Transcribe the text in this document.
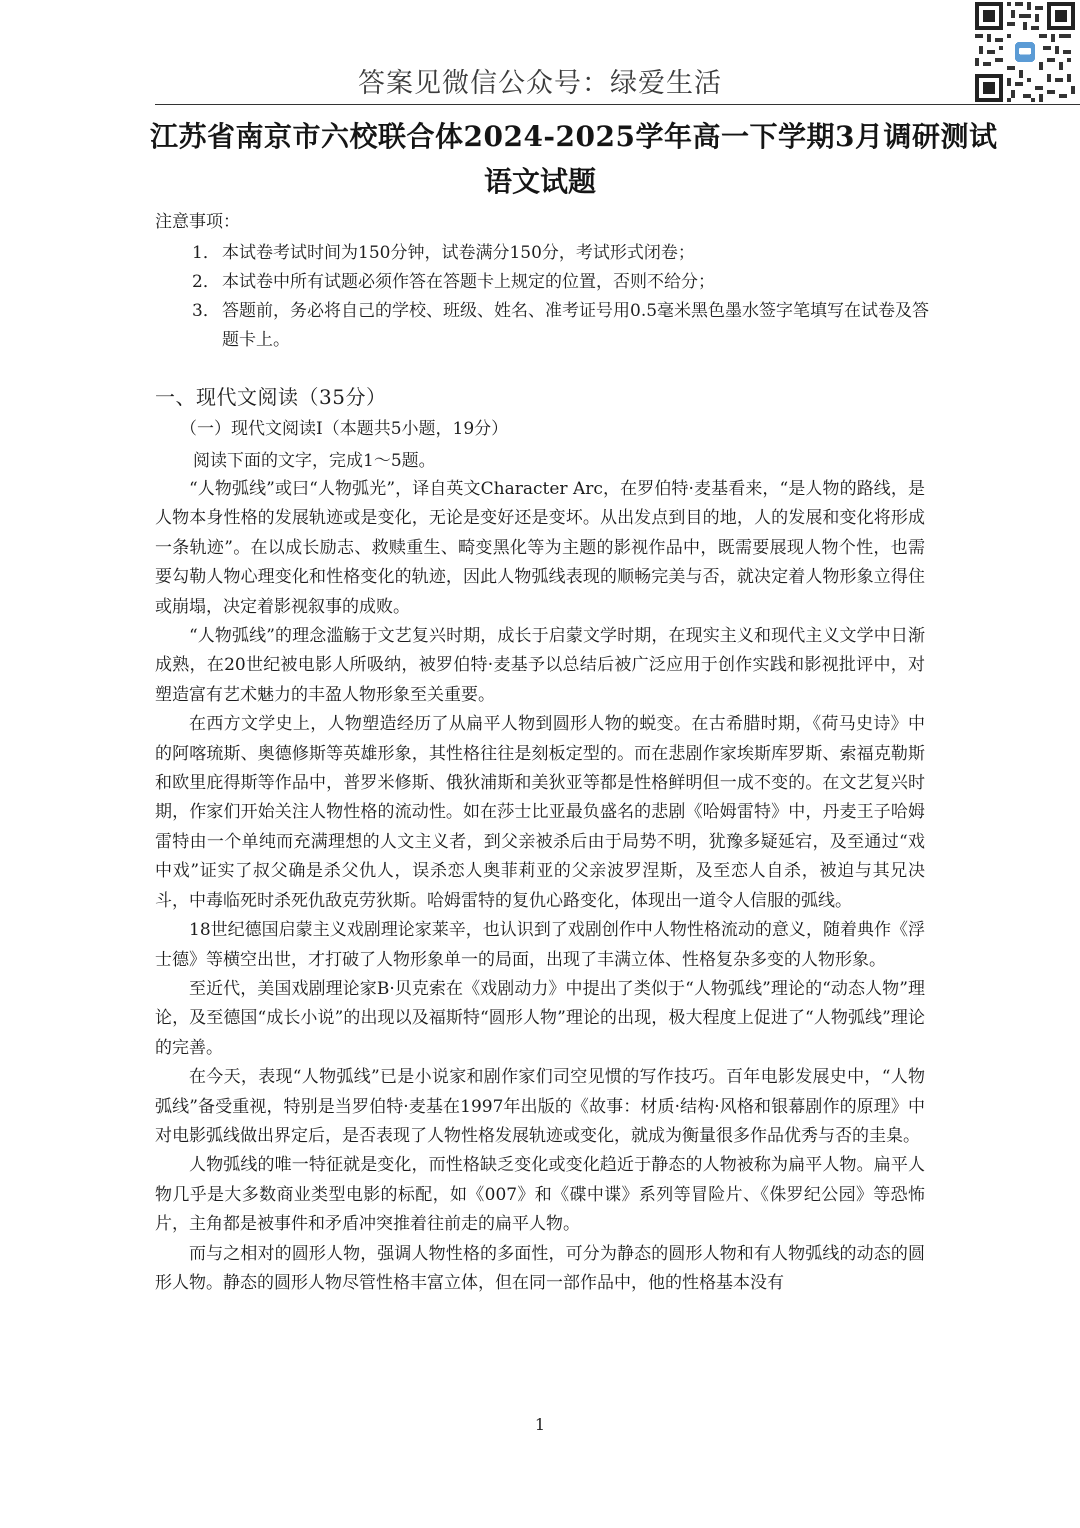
答案见微信公众号：绿爱生活
江苏省南京市六校联合体2024-2025学年高一下学期3月调研测试
语文试题
注意事项：
1． 本试卷考试时间为150分钟，试卷满分150分，考试形式闭卷；
2． 本试卷中所有试题必须作答在答题卡上规定的位置，否则不给分；
3． 答题前，务必将自己的学校、班级、姓名、准考证号用0.5毫米黑色墨水签字笔填写在试卷及答题卡上。
一、现代文阅读（35分）
（一）现代文阅读Ⅰ（本题共5小题，19分）
阅读下面的文字，完成1～5题。

“人物弧线”或曰“人物弧光”，译自英文Character Arc，在罗伯特·麦基看来，“是人物的路线，是人物本身性格的发展轨迹或是变化，无论是变好还是变坏。从出发点到目的地，人的发展和变化将形成一条轨迹”。在以成长励志、救赎重生、畸变黑化等为主题的影视作品中，既需要展现人物个性，也需要勾勒人物心理变化和性格变化的轨迹，因此人物弧线表现的顺畅完美与否，就决定着人物形象立得住或崩塌，决定着影视叙事的成败。

“人物弧线”的理念滥觞于文艺复兴时期，成长于启蒙文学时期，在现实主义和现代主义文学中日渐成熟，在20世纪被电影人所吸纳，被罗伯特·麦基予以总结后被广泛应用于创作实践和影视批评中，对塑造富有艺术魅力的丰盈人物形象至关重要。

在西方文学史上，人物塑造经历了从扁平人物到圆形人物的蜕变。在古希腊时期，《荷马史诗》中的阿喀琉斯、奥德修斯等英雄形象，其性格往往是刻板定型的。而在悲剧作家埃斯库罗斯、索福克勒斯和欧里庇得斯等作品中，普罗米修斯、俄狄浦斯和美狄亚等都是性格鲜明但一成不变的。在文艺复兴时期，作家们开始关注人物性格的流动性。如在莎士比亚最负盛名的悲剧《哈姆雷特》中，丹麦王子哈姆雷特由一个单纯而充满理想的人文主义者，到父亲被杀后由于局势不明，犹豫多疑延宕，及至通过“戏中戏”证实了叔父确是杀父仇人，误杀恋人奥菲莉亚的父亲波罗涅斯，及至恋人自杀，被迫与其兄决斗，中毒临死时杀死仇敌克劳狄斯。哈姆雷特的复仇心路变化，体现出一道令人信服的弧线。

18世纪德国启蒙主义戏剧理论家莱辛，也认识到了戏剧创作中人物性格流动的意义，随着典作《浮士德》等横空出世，才打破了人物形象单一的局面，出现了丰满立体、性格复杂多变的人物形象。

至近代，美国戏剧理论家B·贝克索在《戏剧动力》中提出了类似于“人物弧线”理论的“动态人物”理论，及至德国“成长小说”的出现以及福斯特“圆形人物”理论的出现，极大程度上促进了“人物弧线”理论的完善。

在今天，表现“人物弧线”已是小说家和剧作家们司空见惯的写作技巧。百年电影发展史中，“人物弧线”备受重视，特别是当罗伯特·麦基在1997年出版的《故事：材质·结构·风格和银幕剧作的原理》中对电影弧线做出界定后，是否表现了人物性格发展轨迹或变化，就成为衡量很多作品优秀与否的圭臬。

人物弧线的唯一特征就是变化，而性格缺乏变化或变化趋近于静态的人物被称为扁平人物。扁平人物几乎是大多数商业类型电影的标配，如《007》和《碟中谍》系列等冒险片、《侏罗纪公园》等恐怖片，主角都是被事件和矛盾冲突推着往前走的扁平人物。

而与之相对的圆形人物，强调人物性格的多面性，可分为静态的圆形人物和有人物弧线的动态的圆形人物。静态的圆形人物尽管性格丰富立体，但在同一部作品中，他的性格基本没有

1
